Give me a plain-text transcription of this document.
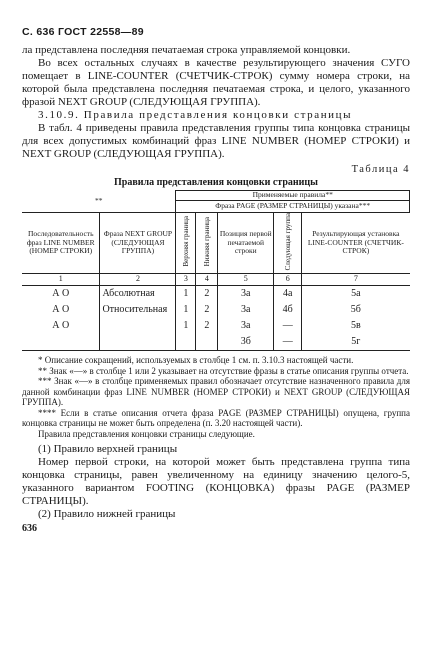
С. 636 ГОСТ 22558—89

ла представлена последняя печатаемая строка управляемой концовки.

Во всех остальных случаях в качестве результирующего значения СУГО помещает в LINE-COUNTER (СЧЕТЧИК-СТРОК) сумму номера строки, на которой была представлена последняя печатаемая строка, и целого, указанного фразой NEXT GROUP (СЛЕДУЮЩАЯ ГРУППА).

3.10.9. Правила представления концовки страницы

В табл. 4 приведены правила представления группы типа концовка страницы для всех допустимых комбинаций фраз LINE NUMBER (НОМЕР СТРОКИ) и NEXT GROUP (СЛЕДУЮЩАЯ ГРУППА).

Таблица 4
Правила представления концовки страницы
**		Применяемые правила**				
		Фраза PAGE (РАЗМЕР СТРАНИЦЫ) указана***				
Последовательность фраз LINE NUMBER (НОМЕР СТРОКИ)	Фраза NEXT GROUP (СЛЕДУЮЩАЯ ГРУППА)	Верхняя граница	Нижняя граница	Позиция первой печатаемой строки	Следующая группа	Результирующая установка LINE-COUNTER (СЧЕТЧИК-СТРОК)
1	2	3	4	5	6	7
А О	Абсолютная	1	2	3а	4а	5а
А О	Относительная	1	2	3а	4б	5б
А О		1	2	3а	—	5в
				3б	—	5г

* Описание сокращений, используемых в столбце 1 см. п. 3.10.3 настоящей части.

** Знак «—» в столбце 1 или 2 указывает на отсутствие фразы в статье описания группы отчета.

*** Знак «—» в столбце применяемых правил обозначает отсутствие назначенного правила для данной комбинации фраз LINE NUMBER (НОМЕР СТРОКИ) и NEXT GROUP (СЛЕДУЮЩАЯ ГРУППА).

**** Если в статье описания отчета фраза PAGE (РАЗМЕР СТРАНИЦЫ) опущена, группа концовка страницы не может быть определена (п. 3.20 настоящей части).

Правила представления концовки страницы следующие.

(1) Правило верхней границы

Номер первой строки, на которой может быть представлена группа типа концовка страницы, равен увеличенному на единицу значению целого-5, указанного вариантом FOOTING (КОНЦОВКА) фразы PAGE (РАЗМЕР СТРАНИЦЫ).

(2) Правило нижней границы

636
